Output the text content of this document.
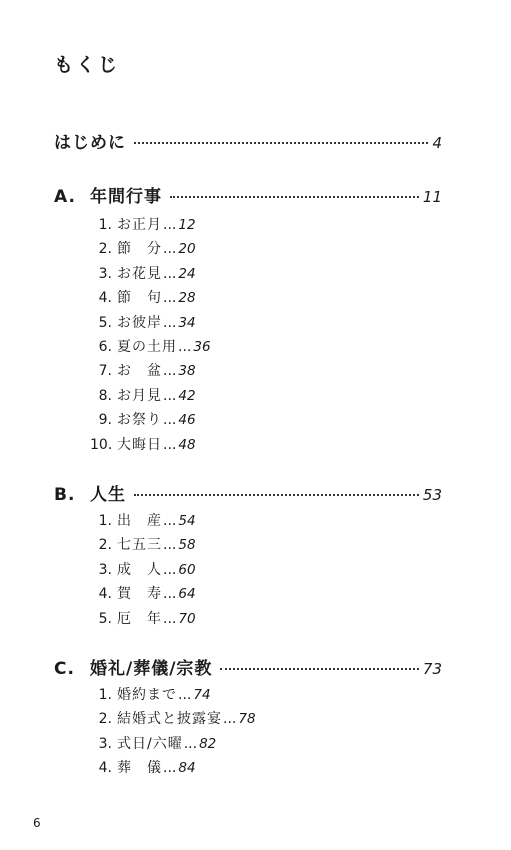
もくじ
はじめに	4
A. 年間行事	11
1. お正月 ... 12
2. 節　分 ... 20
3. お花見 ... 24
4. 節　句 ... 28
5. お彼岸 ... 34
6. 夏の土用 ... 36
7. お　盆 ... 38
8. お月見 ... 42
9. お祭り ... 46
10. 大晦日 ... 48
B. 人生	53
1. 出　産 ... 54
2. 七五三 ... 58
3. 成　人 ... 60
4. 賀　寿 ... 64
5. 厄　年 ... 70
C. 婚礼/葬儀/宗教	73
1. 婚約まで ... 74
2. 結婚式と披露宴 ... 78
3. 式日/六曜 ... 82
4. 葬　儀 ... 84
6
